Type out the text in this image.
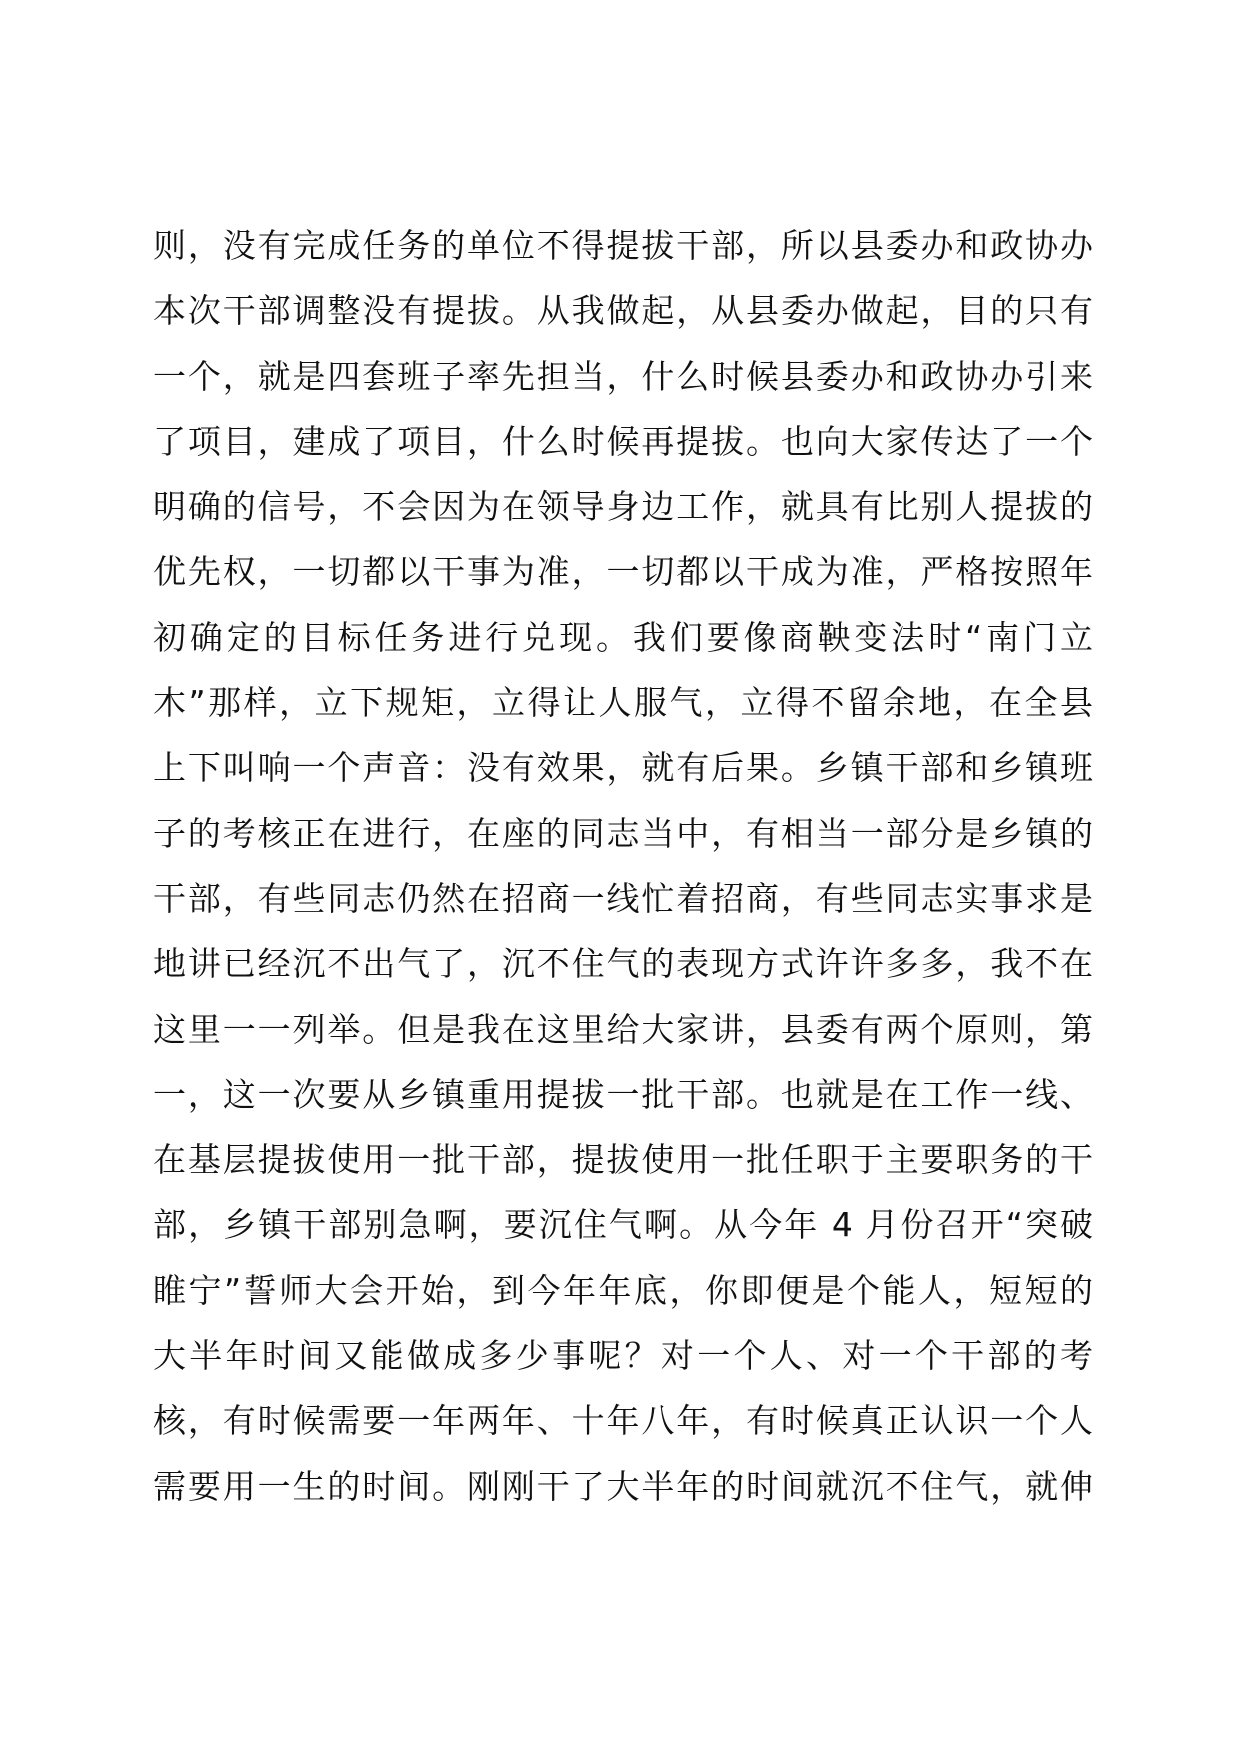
则，没有完成任务的单位不得提拔干部，所以县委办和政协办
本次干部调整没有提拔。从我做起，从县委办做起，目的只有
一个，就是四套班子率先担当，什么时候县委办和政协办引来
了项目，建成了项目，什么时候再提拔。也向大家传达了一个
明确的信号，不会因为在领导身边工作，就具有比别人提拔的
优先权，一切都以干事为准，一切都以干成为准，严格按照年
初确定的目标任务进行兑现。我们要像商鞅变法时“南门立
木”那样，立下规矩，立得让人服气，立得不留余地，在全县
上下叫响一个声音：没有效果，就有后果。乡镇干部和乡镇班
子的考核正在进行，在座的同志当中，有相当一部分是乡镇的
干部，有些同志仍然在招商一线忙着招商，有些同志实事求是
地讲已经沉不出气了，沉不住气的表现方式许许多多，我不在
这里一一列举。但是我在这里给大家讲，县委有两个原则，第
一，这一次要从乡镇重用提拔一批干部。也就是在工作一线、
在基层提拔使用一批干部，提拔使用一批任职于主要职务的干
部，乡镇干部别急啊，要沉住气啊。从今年 4 月份召开“突破
睢宁”誓师大会开始，到今年年底，你即便是个能人，短短的
大半年时间又能做成多少事呢？对一个人、对一个干部的考
核，有时候需要一年两年、十年八年，有时候真正认识一个人
需要用一生的时间。刚刚干了大半年的时间就沉不住气，就伸
